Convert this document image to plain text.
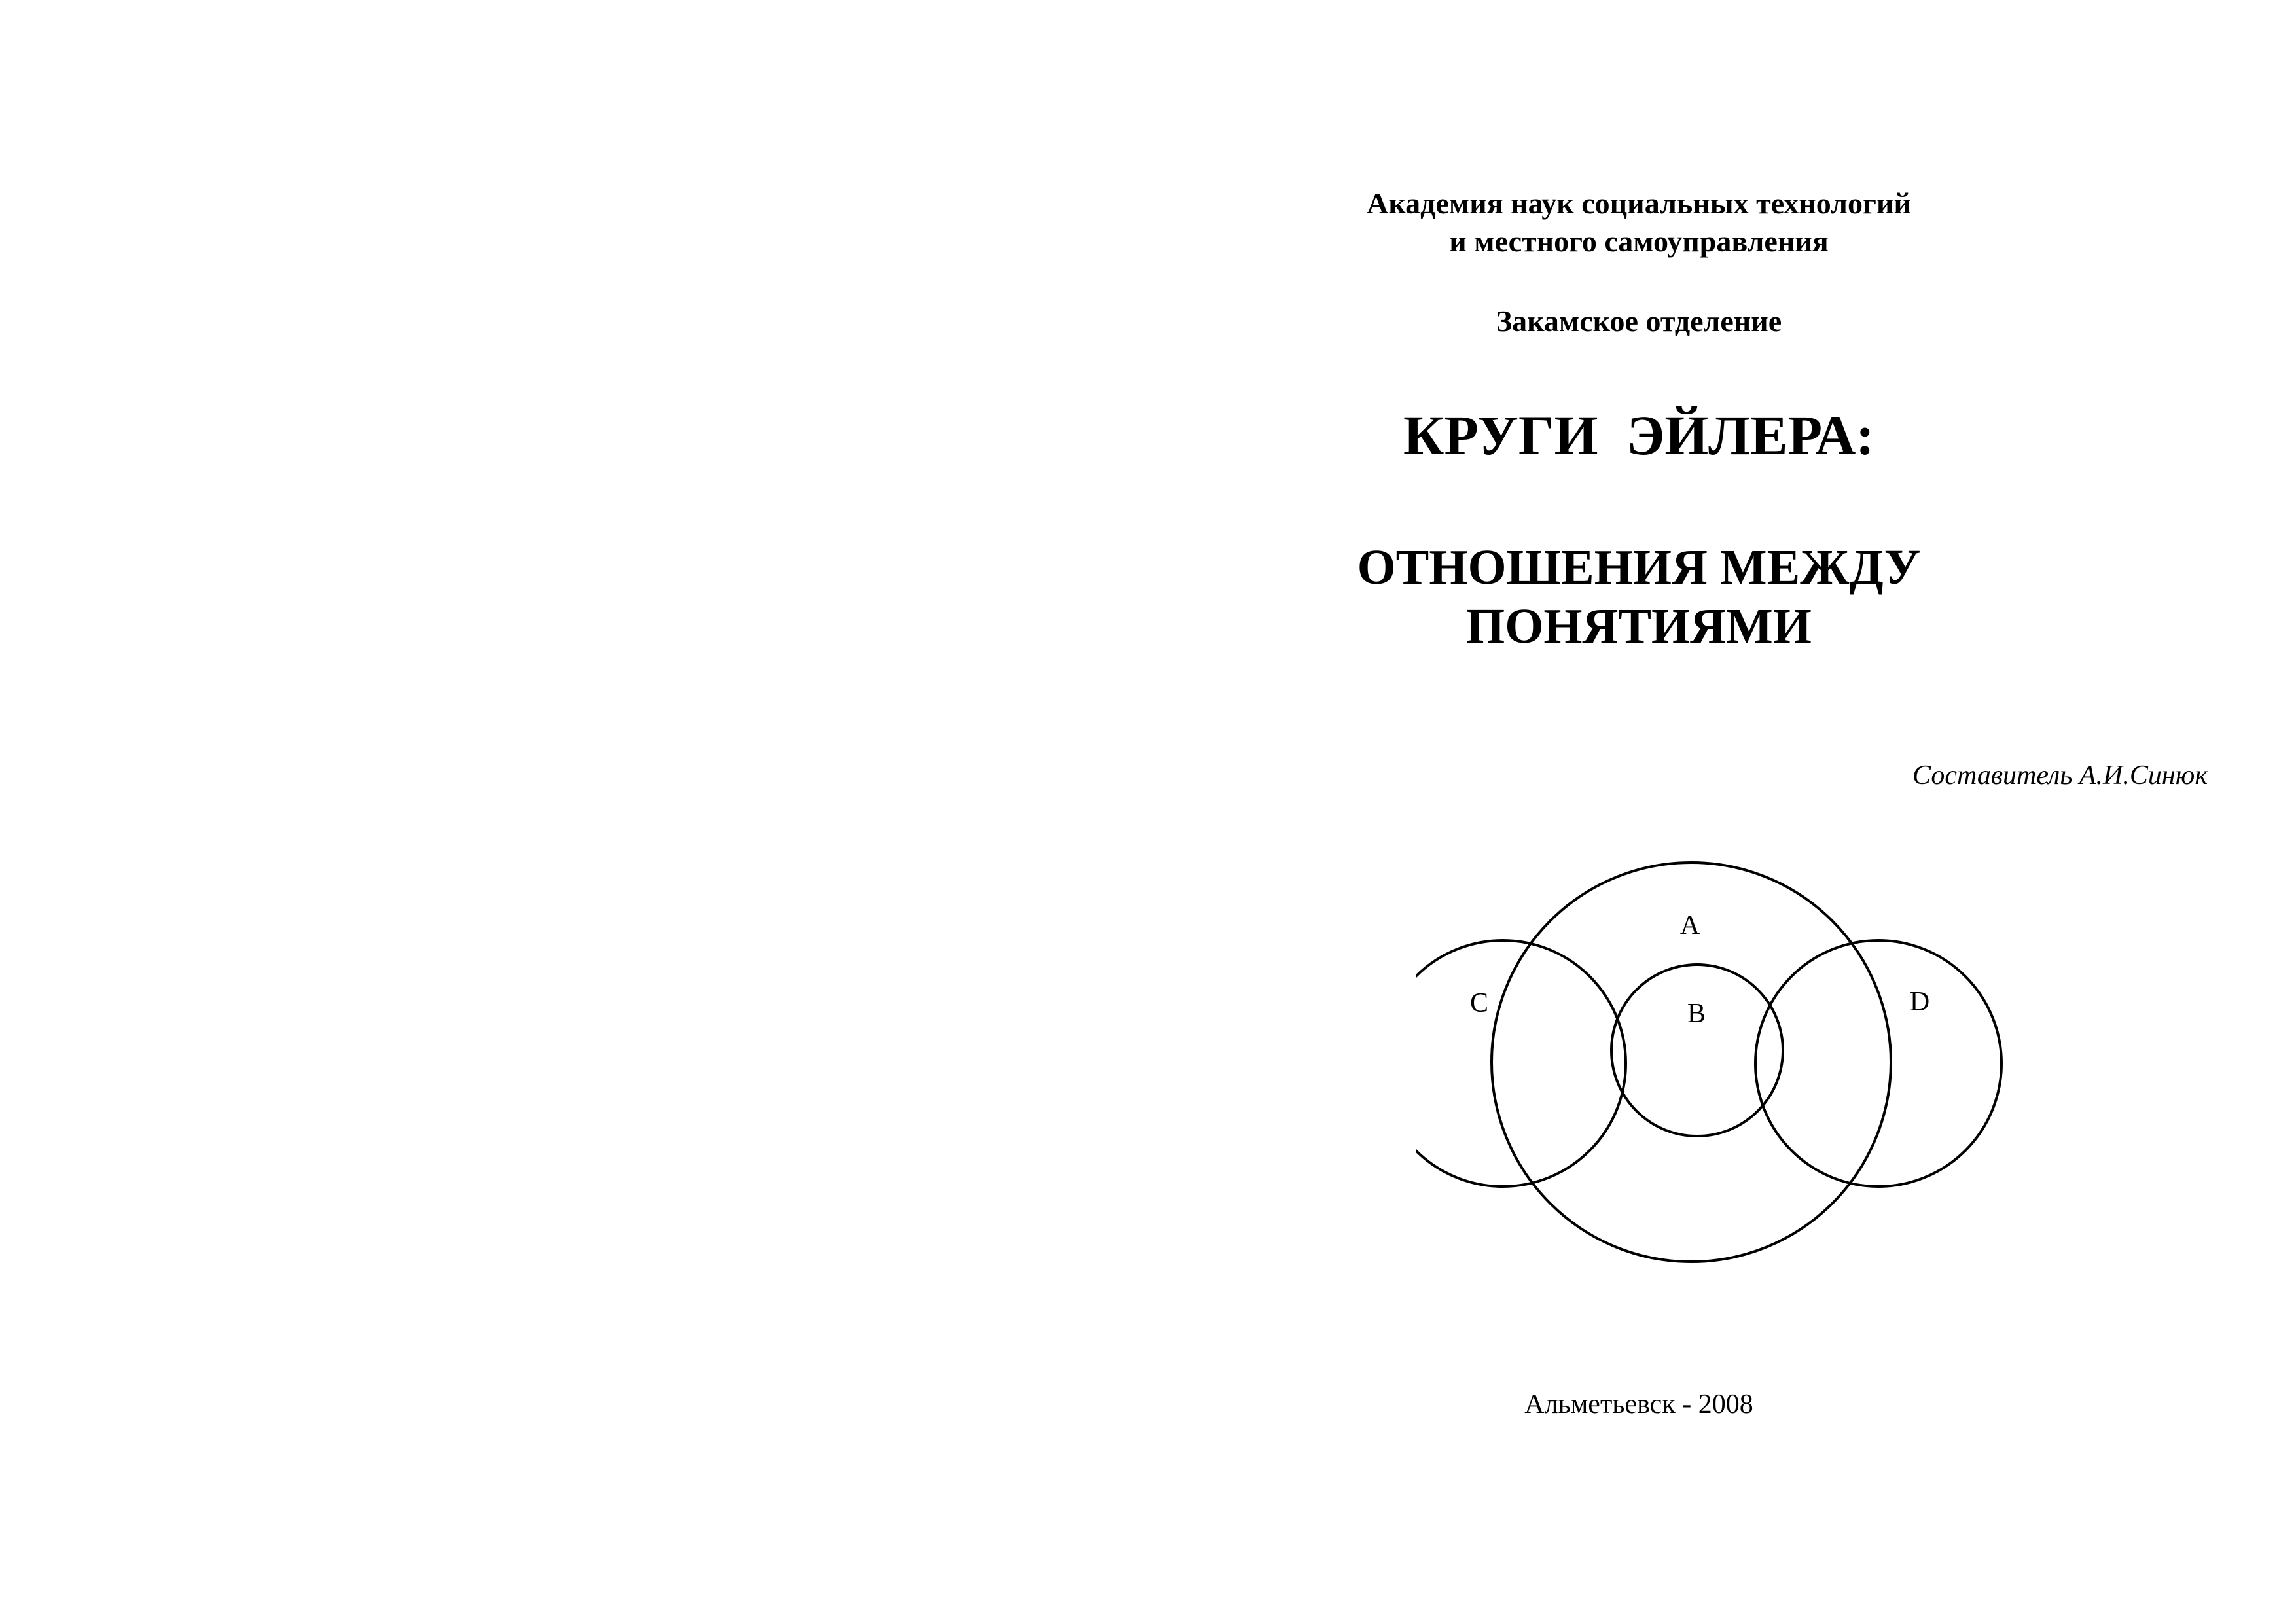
Академия наук социальных технологий
и местного самоуправления
Закамское отделение
КРУГИ ЭЙЛЕРА:
ОТНОШЕНИЯ МЕЖДУ
ПОНЯТИЯМИ
Составитель А.И.Синюк
A
B
C	D
Альметьевск - 2008
